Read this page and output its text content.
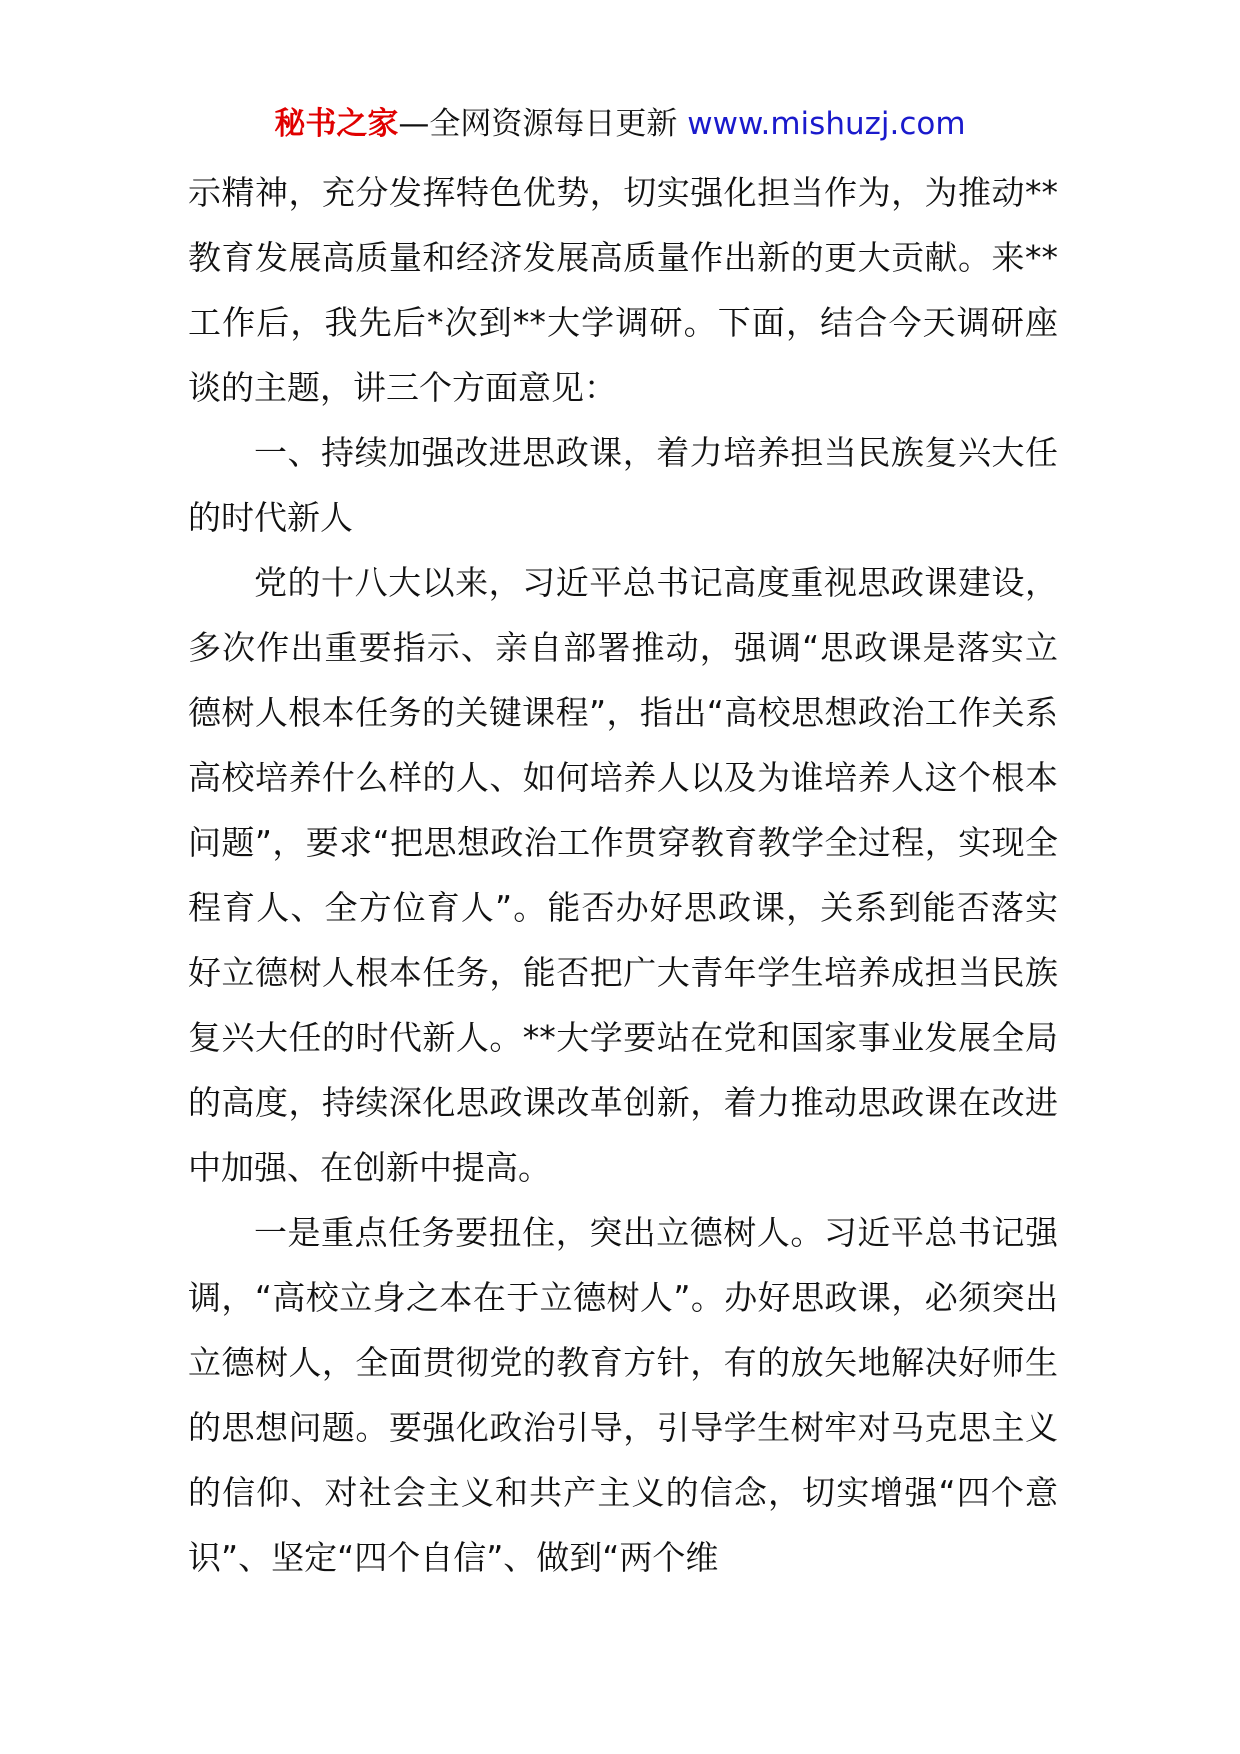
秘书之家—全网资源每日更新 www.mishuzj.com

示精神，充分发挥特色优势，切实强化担当作为，为推动**教育发展高质量和经济发展高质量作出新的更大贡献。来**工作后，我先后*次到**大学调研。下面，结合今天调研座谈的主题，讲三个方面意见：

一、持续加强改进思政课，着力培养担当民族复兴大任的时代新人

党的十八大以来，习近平总书记高度重视思政课建设，多次作出重要指示、亲自部署推动，强调“思政课是落实立德树人根本任务的关键课程”，指出“高校思想政治工作关系高校培养什么样的人、如何培养人以及为谁培养人这个根本问题”，要求“把思想政治工作贯穿教育教学全过程，实现全程育人、全方位育人”。能否办好思政课，关系到能否落实好立德树人根本任务，能否把广大青年学生培养成担当民族复兴大任的时代新人。**大学要站在党和国家事业发展全局的高度，持续深化思政课改革创新，着力推动思政课在改进中加强、在创新中提高。

一是重点任务要扭住，突出立德树人。习近平总书记强调，“高校立身之本在于立德树人”。办好思政课，必须突出立德树人，全面贯彻党的教育方针，有的放矢地解决好师生的思想问题。要强化政治引导，引导学生树牢对马克思主义的信仰、对社会主义和共产主义的信念，切实增强“四个意识”、坚定“四个自信”、做到“两个维
